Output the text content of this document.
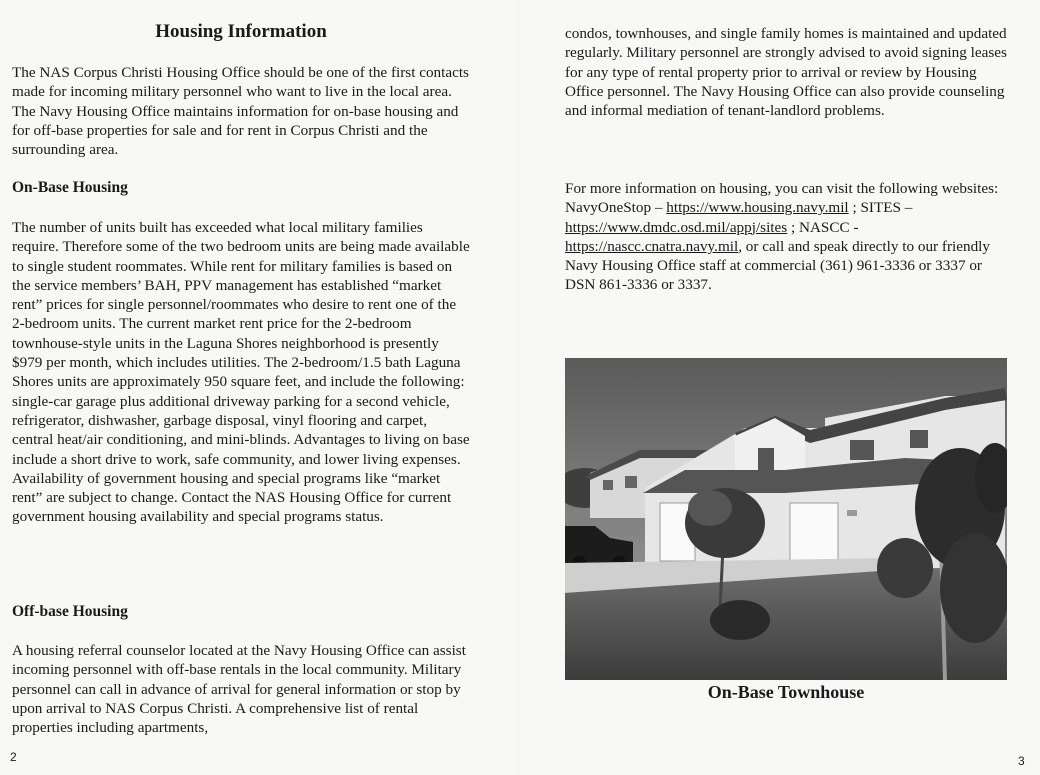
Housing Information

The NAS Corpus Christi Housing Office should be one of the first contacts made for incoming military personnel who want to live in the local area. The Navy Housing Office maintains information for on-base housing and for off-base properties for sale and for rent in Corpus Christi and the surrounding area.

On-Base Housing

The number of units built has exceeded what local military families require. Therefore some of the two bedroom units are being made available to single student roommates. While rent for military families is based on the service members’ BAH, PPV management has established “market rent” prices for single personnel/roommates who desire to rent one of the 2-bedroom units. The current market rent price for the 2-bedroom townhouse-style units in the Laguna Shores neighborhood is presently $979 per month, which includes utilities. The 2-bedroom/1.5 bath Laguna Shores units are approximately 950 square feet, and include the following: single-car garage plus additional driveway parking for a second vehicle, refrigerator, dishwasher, garbage disposal, vinyl flooring and carpet, central heat/air conditioning, and mini-blinds. Advantages to living on base include a short drive to work, safe community, and lower living expenses. Availability of government housing and special programs like “market rent” are subject to change. Contact the NAS Housing Office for current government housing availability and special programs status.

Off-base Housing

A housing referral counselor located at the Navy Housing Office can assist incoming personnel with off-base rentals in the local community. Military personnel can call in advance of arrival for general information or stop by upon arrival to NAS Corpus Christi. A comprehensive list of rental properties including apartments,

2

condos, townhouses, and single family homes is maintained and updated regularly. Military personnel are strongly advised to avoid signing leases for any type of rental property prior to arrival or review by Housing Office personnel. The Navy Housing Office can also provide counseling and informal mediation of tenant-landlord problems.

For more information on housing, you can visit the following websites: NavyOneStop – https://www.housing.navy.mil ; SITES – https://www.dmdc.osd.mil/appj/sites ; NASCC - https://nascc.cnatra.navy.mil, or call and speak directly to our friendly Navy Housing Office staff at commercial (361) 961-3336 or 3337 or DSN 861-3336 or 3337.

On-Base Townhouse
3
